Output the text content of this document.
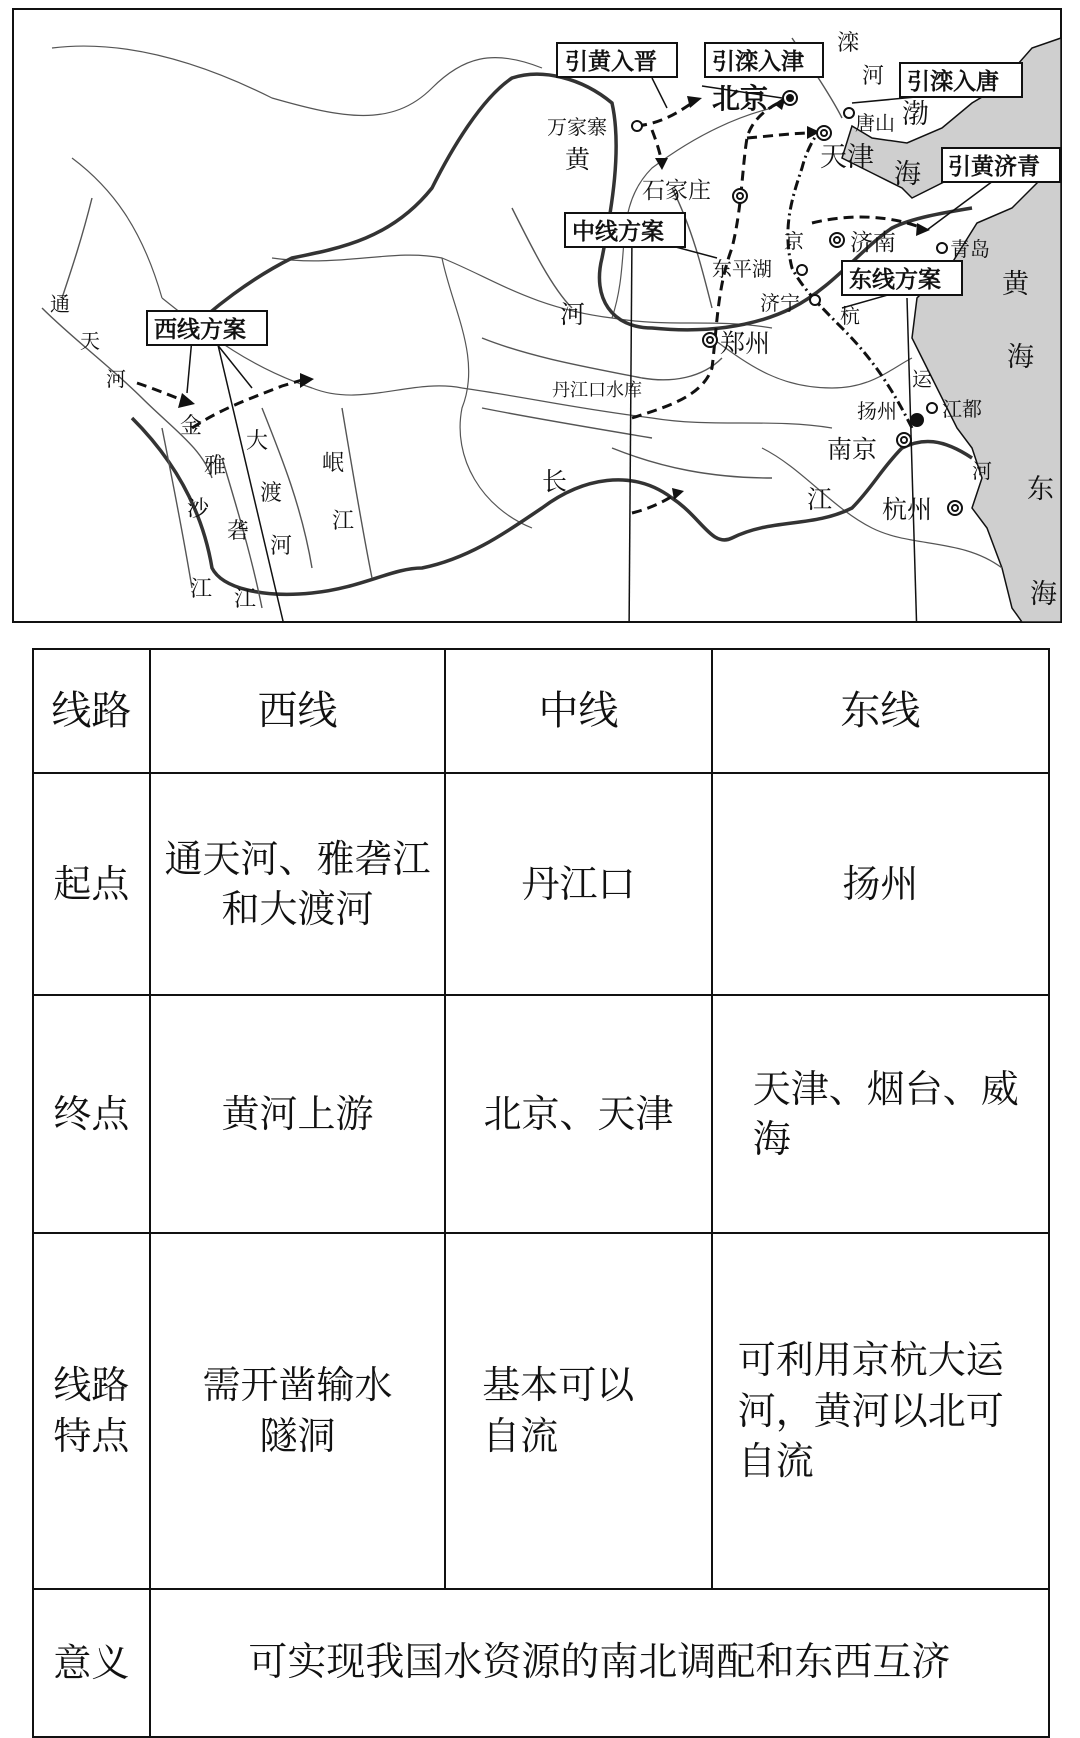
引黄入晋 引滦入津
引滦入唐
引黄济青
中线方案
东线方案
西线方案
北京
天津
唐山
万家寨
石家庄
济南	青岛
东平湖
济宁
郑州
丹江口水库
扬州 江都
南京
杭州
滦
河
渤
海
黄
海
东
海
黄
河
京
杭
运
河
通
天
河
金
沙
江
雅
砻
江
大
渡
河
岷
江
长
江
线路	西线	中线	东线
起点	通天河、雅砻江和大渡河	丹江口	扬州
终点	黄河上游	北京、天津	天津、烟台、威海
线路特点	需开凿输水隧洞	基本可以自流	可利用京杭大运河，黄河以北可自流
意义	可实现我国水资源的南北调配和东西互济		
